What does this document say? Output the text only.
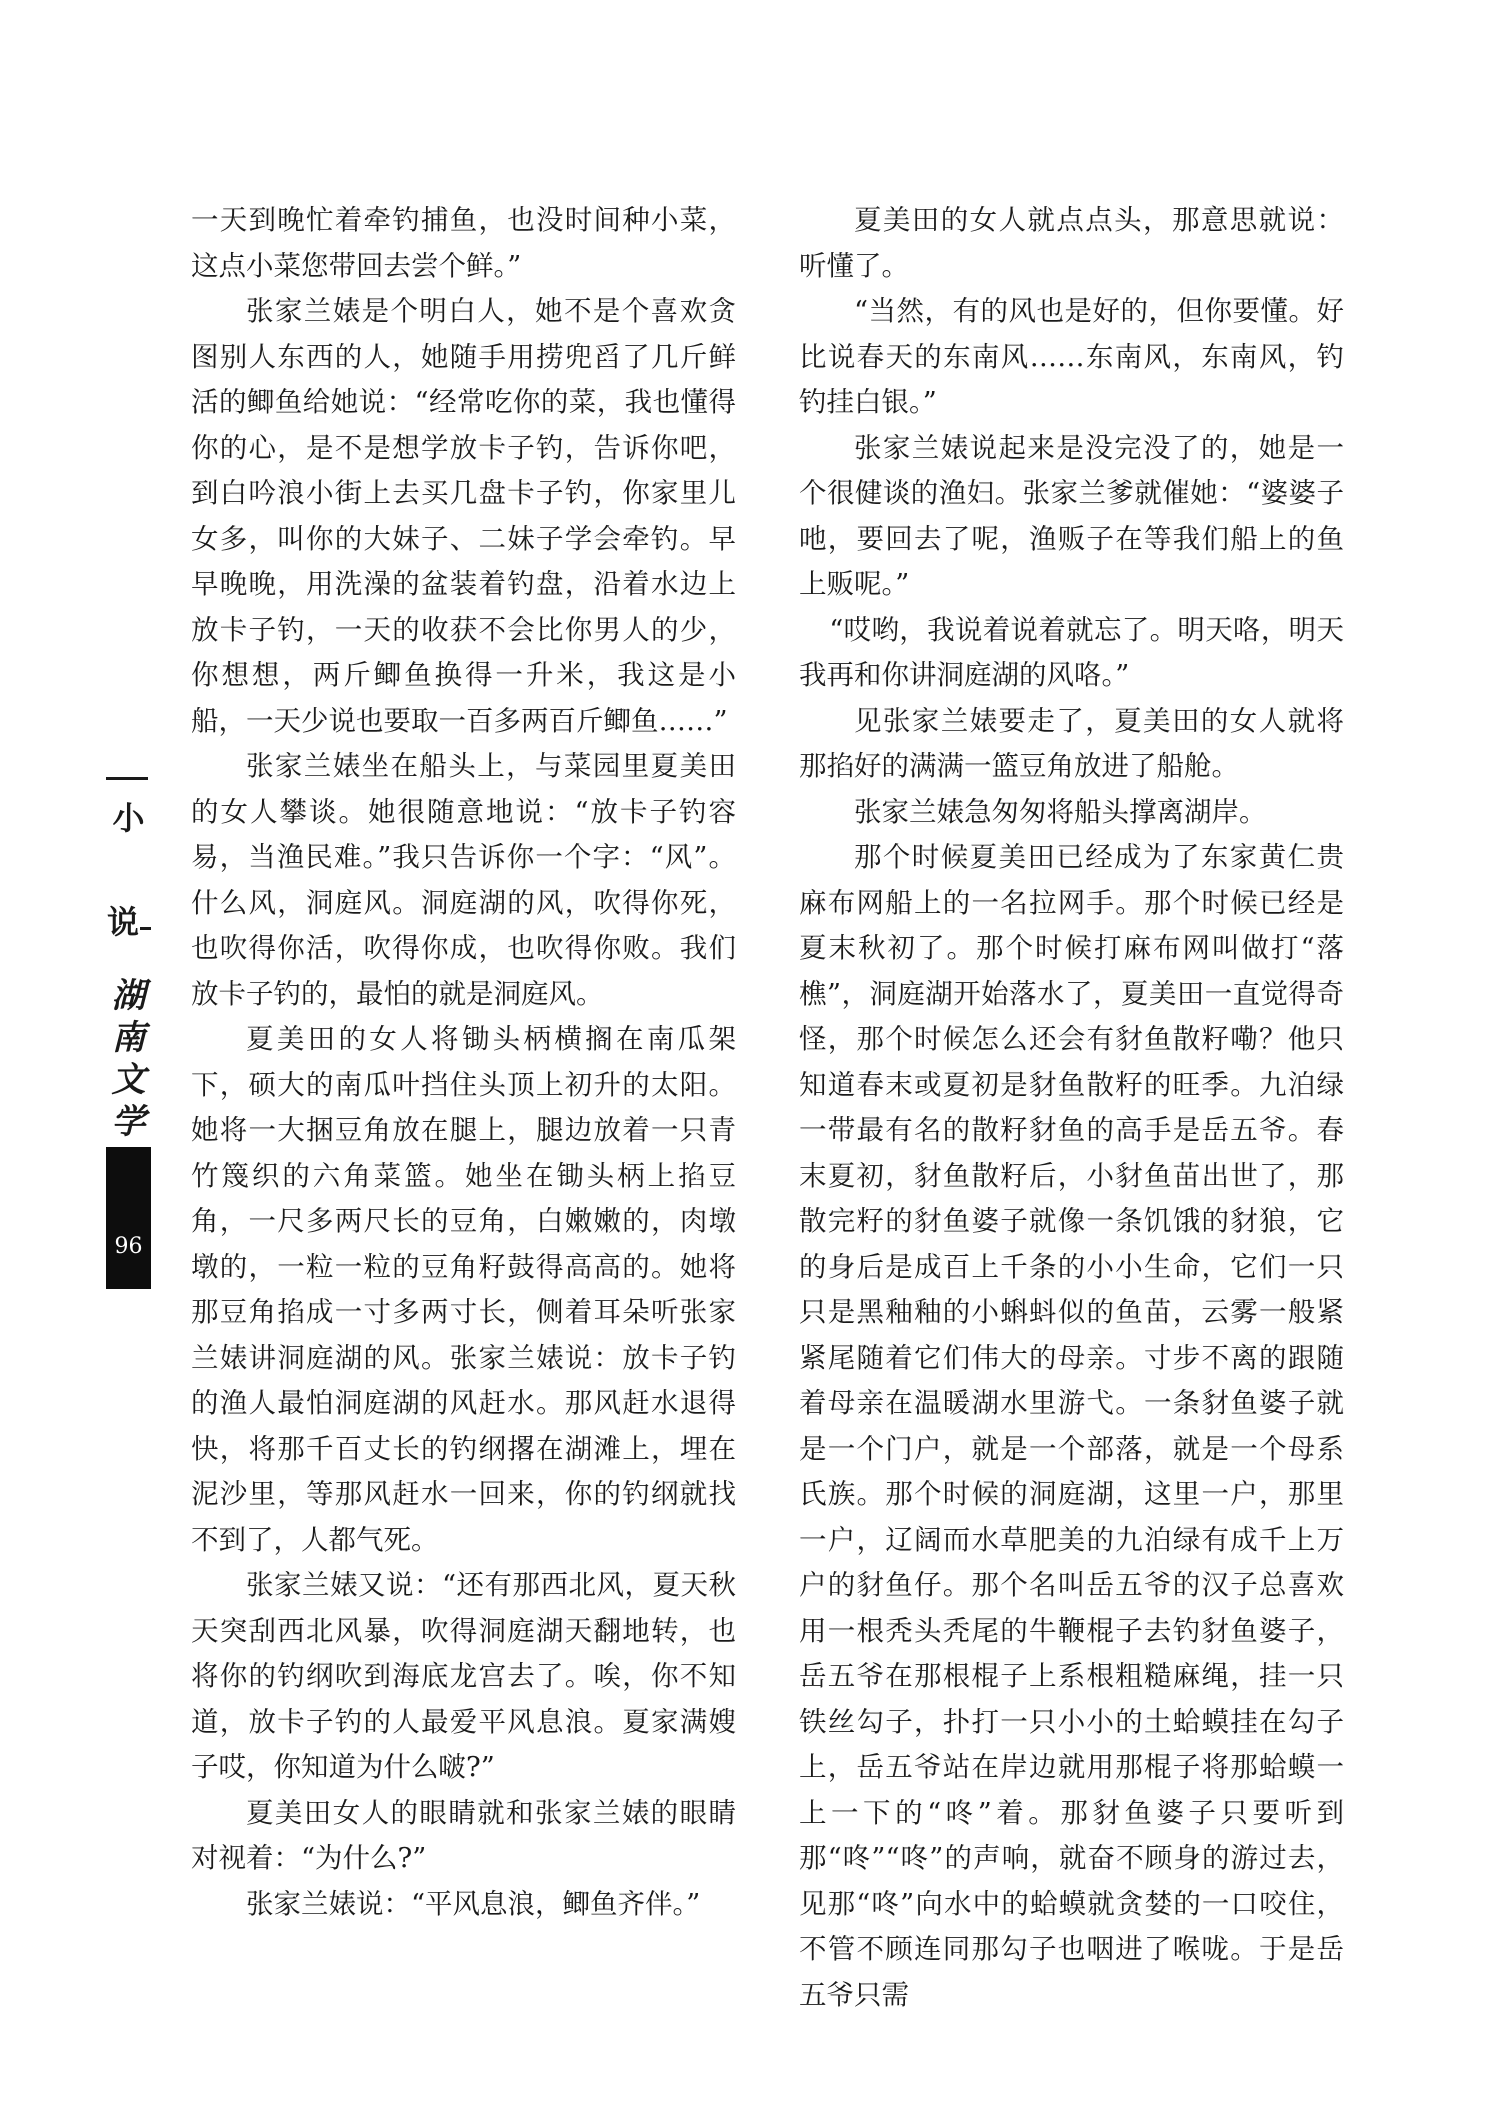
一天到晚忙着牵钓捕鱼，也没时间种小菜，这点小菜您带回去尝个鲜。”

张家兰婊是个明白人，她不是个喜欢贪图别人东西的人，她随手用捞兜舀了几斤鲜活的鲫鱼给她说：“经常吃你的菜，我也懂得你的心，是不是想学放卡子钓，告诉你吧，到白吟浪小街上去买几盘卡子钓，你家里儿女多，叫你的大妹子、二妹子学会牵钓。早早晚晚，用洗澡的盆装着钓盘，沿着水边上放卡子钓，一天的收获不会比你男人的少，你想想，两斤鲫鱼换得一升米，我这是小船，一天少说也要取一百多两百斤鲫鱼……”

张家兰婊坐在船头上，与菜园里夏美田的女人攀谈。她很随意地说：“放卡子钓容易，当渔民难。”我只告诉你一个字：“风”。什么风，洞庭风。洞庭湖的风，吹得你死，也吹得你活，吹得你成，也吹得你败。我们放卡子钓的，最怕的就是洞庭风。

夏美田的女人将锄头柄横搁在南瓜架下，硕大的南瓜叶挡住头顶上初升的太阳。她将一大捆豆角放在腿上，腿边放着一只青竹篾织的六角菜篮。她坐在锄头柄上掐豆角，一尺多两尺长的豆角，白嫩嫩的，肉墩墩的，一粒一粒的豆角籽鼓得高高的。她将那豆角掐成一寸多两寸长，侧着耳朵听张家兰婊讲洞庭湖的风。张家兰婊说：放卡子钓的渔人最怕洞庭湖的风赶水。那风赶水退得快，将那千百丈长的钓纲撂在湖滩上，埋在泥沙里，等那风赶水一回来，你的钓纲就找不到了，人都气死。

张家兰婊又说：“还有那西北风，夏天秋天突刮西北风暴，吹得洞庭湖天翻地转，也将你的钓纲吹到海底龙宫去了。唉，你不知道，放卡子钓的人最爱平风息浪。夏家满嫂子哎，你知道为什么啵?”

夏美田女人的眼睛就和张家兰婊的眼睛对视着：“为什么?”

张家兰婊说：“平风息浪，鲫鱼齐伴。”

夏美田的女人就点点头，那意思就说：听懂了。

“当然，有的风也是好的，但你要懂。好比说春天的东南风……东南风，东南风，钓钓挂白银。”

张家兰婊说起来是没完没了的，她是一个很健谈的渔妇。张家兰爹就催她：“婆婆子吔，要回去了呢，渔贩子在等我们船上的鱼上贩呢。”

“哎哟，我说着说着就忘了。明天咯，明天我再和你讲洞庭湖的风咯。”

见张家兰婊要走了，夏美田的女人就将那掐好的满满一篮豆角放进了船舱。

张家兰婊急匆匆将船头撑离湖岸。

那个时候夏美田已经成为了东家黄仁贵麻布网船上的一名拉网手。那个时候已经是夏末秋初了。那个时候打麻布网叫做打“落樵”，洞庭湖开始落水了，夏美田一直觉得奇怪，那个时候怎么还会有豺鱼散籽嘞？他只知道春末或夏初是豺鱼散籽的旺季。九泊绿一带最有名的散籽豺鱼的高手是岳五爷。春末夏初，豺鱼散籽后，小豺鱼苗出世了，那散完籽的豺鱼婆子就像一条饥饿的豺狼，它的身后是成百上千条的小小生命，它们一只只是黑釉釉的小蝌蚪似的鱼苗，云雾一般紧紧尾随着它们伟大的母亲。寸步不离的跟随着母亲在温暖湖水里游弋。一条豺鱼婆子就是一个门户，就是一个部落，就是一个母系氏族。那个时候的洞庭湖，这里一户，那里一户，辽阔而水草肥美的九泊绿有成千上万户的豺鱼仔。那个名叫岳五爷的汉子总喜欢用一根秃头秃尾的牛鞭棍子去钓豺鱼婆子，岳五爷在那根棍子上系根粗糙麻绳，挂一只铁丝勾子，扑打一只小小的土蛤蟆挂在勾子上，岳五爷站在岸边就用那棍子将那蛤蟆一上一下的“咚”着。那豺鱼婆子只要听到那“咚”“咚”的声响，就奋不顾身的游过去，见那“咚”向水中的蛤蟆就贪婪的一口咬住，不管不顾连同那勾子也咽进了喉咙。于是岳五爷只需

小
说
湖
南
文
学
96
